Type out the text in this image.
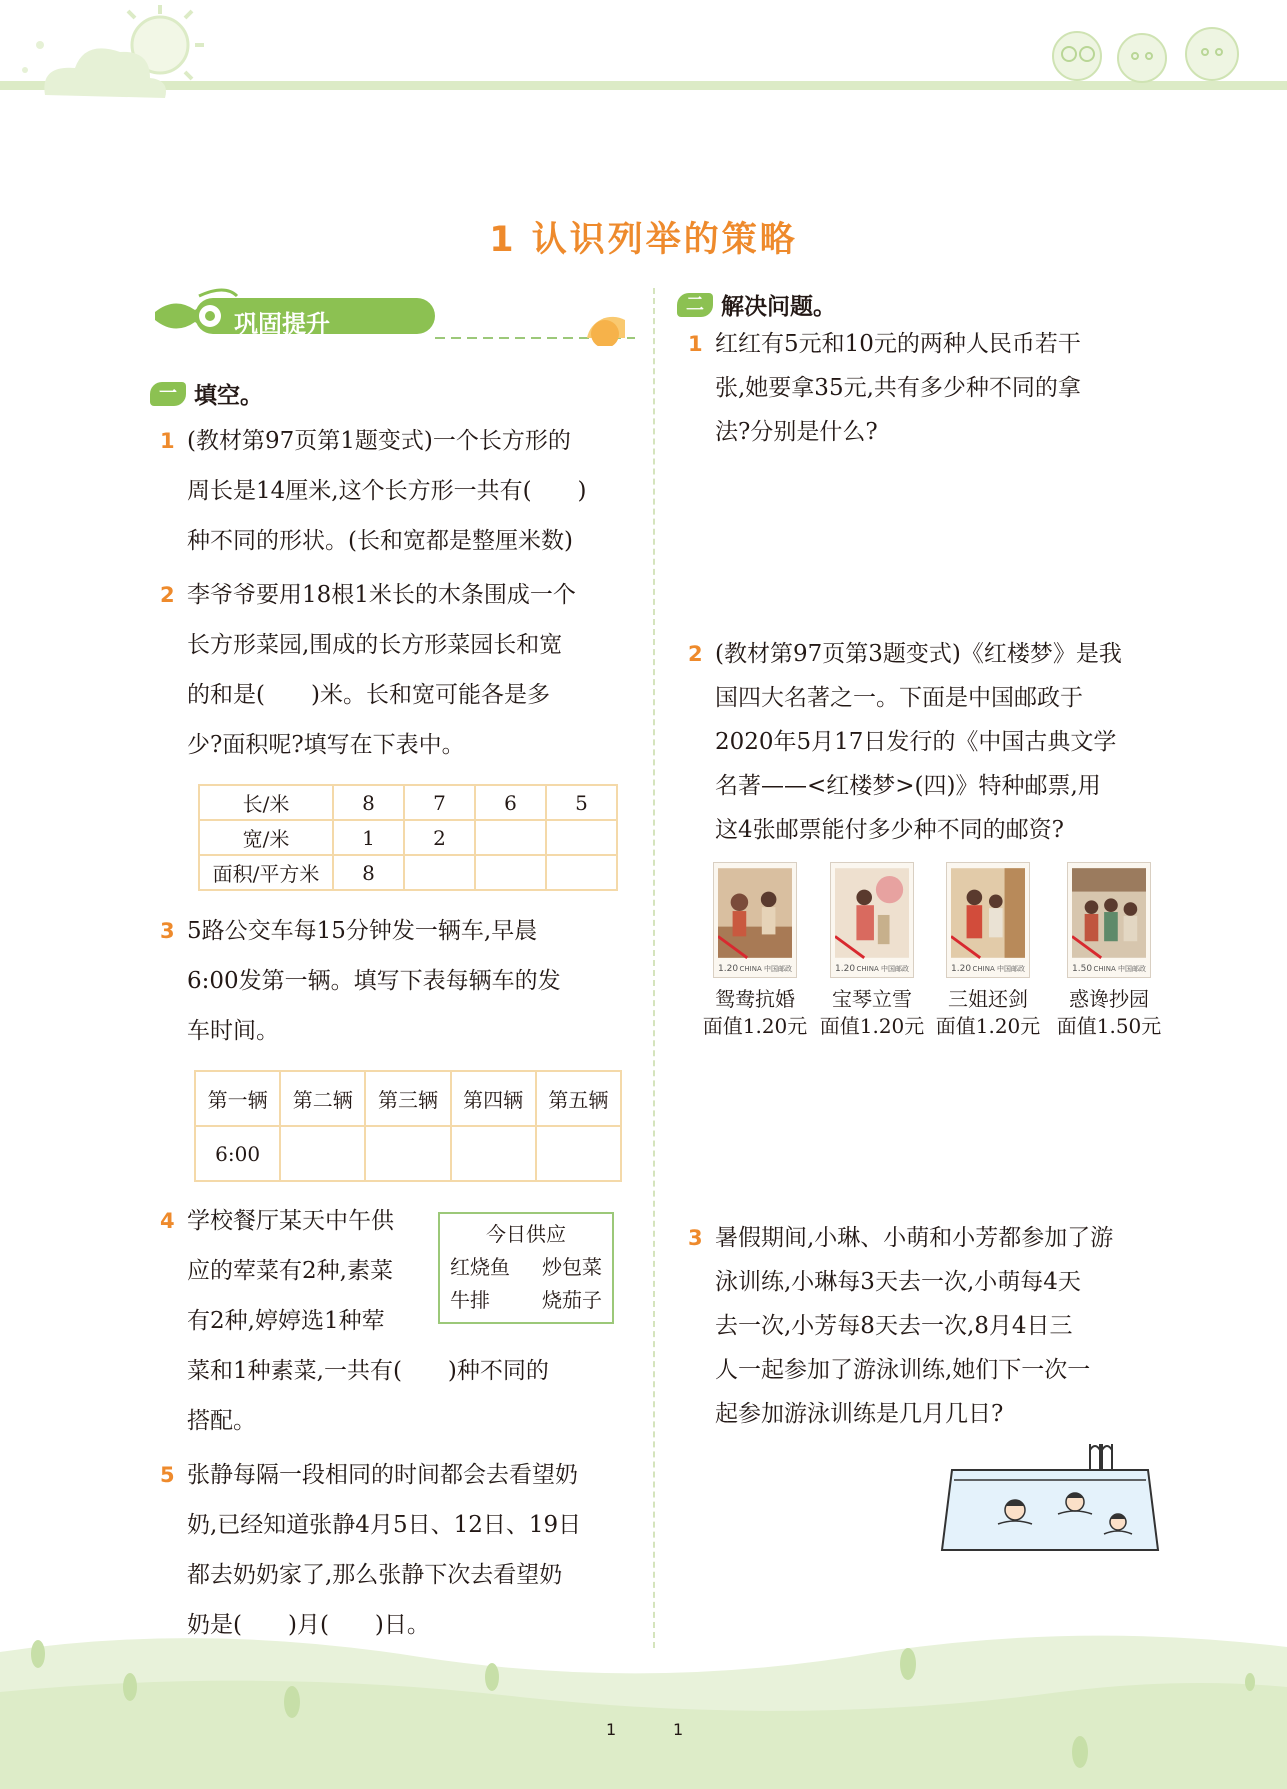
1 认识列举的策略
巩固提升
一 填空。
1 (教材第97页第1题变式)一个长方形的
周长是14厘米,这个长方形一共有(　　)
种不同的形状。(长和宽都是整厘米数)
2 李爷爷要用18根1米长的木条围成一个
长方形菜园,围成的长方形菜园长和宽
的和是(　　)米。长和宽可能各是多
少?面积呢?填写在下表中。
长/米	8	7	6	5
宽/米	1	2		
面积/平方米	8			
3 5路公交车每15分钟发一辆车,早晨
6:00发第一辆。填写下表每辆车的发
车时间。
第一辆	第二辆	第三辆	第四辆	第五辆
6:00				
4 学校餐厅某天中午供
应的荤菜有2种,素菜
有2种,婷婷选1种荤
菜和1种素菜,一共有(　　)种不同的
搭配。
今日供应
红烧鱼 炒包菜
牛排	烧茄子
5 张静每隔一段相同的时间都会去看望奶
奶,已经知道张静4月5日、12日、19日
都去奶奶家了,那么张静下次去看望奶
奶是(　　)月(　　)日。
二 解决问题。
1 红红有5元和10元的两种人民币若干
张,她要拿35元,共有多少种不同的拿
法?分别是什么?
2 (教材第97页第3题变式)《红楼梦》是我
国四大名著之一。下面是中国邮政于
2020年5月17日发行的《中国古典文学
名著——<红楼梦>(四)》特种邮票,用
这4张邮票能付多少种不同的邮资?
1.20 CHINA 中国邮政	1.20 CHINA 中国邮政	1.20 CHINA 中国邮政	1.50 CHINA 中国邮政
鸳鸯抗婚
面值1.20元
宝琴立雪
面值1.20元
三姐还剑
面值1.20元
惑谗抄园
面值1.50元
3 暑假期间,小琳、小萌和小芳都参加了游
泳训练,小琳每3天去一次,小萌每4天
去一次,小芳每8天去一次,8月4日三
人一起参加了游泳训练,她们下一次一
起参加游泳训练是几月几日?
1	1
